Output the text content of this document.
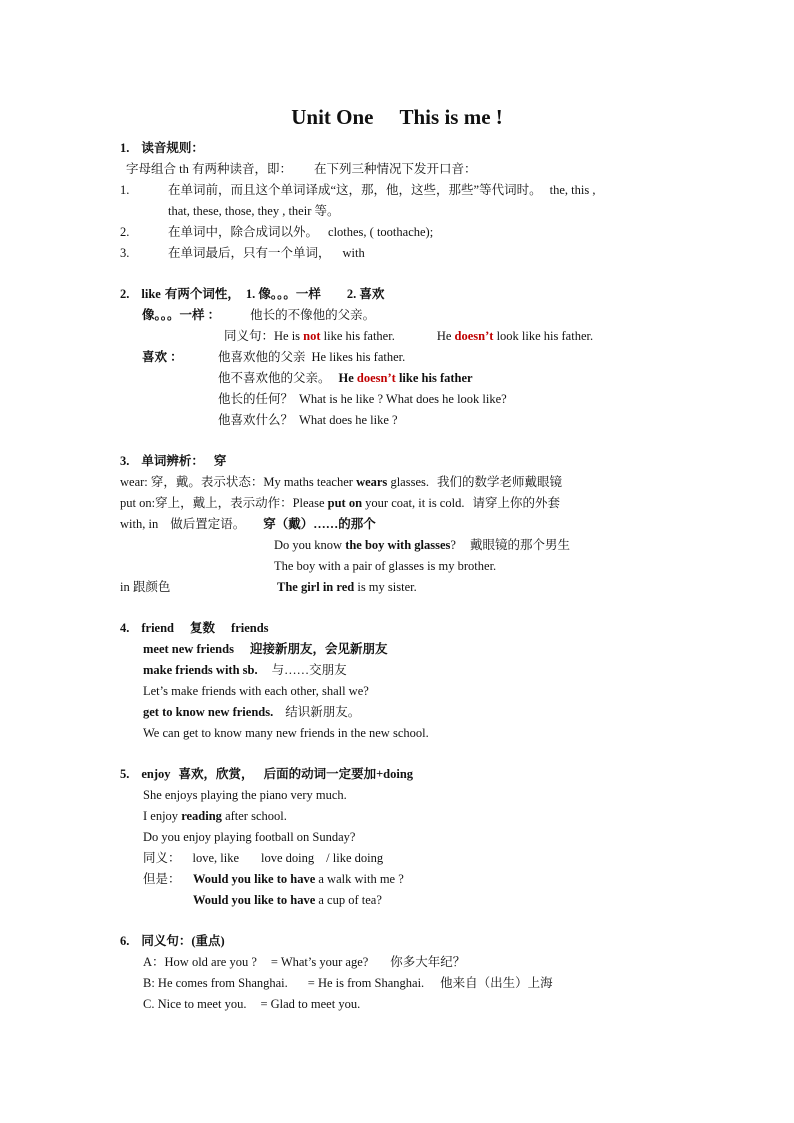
Unit One This is me !
1. 读音规则：
字母组合 th 有两种读音，即： 在下列三种情况下发开口音：
1.	在单词前，而且这个单词译成“这，那，他，这些，那些”等代词时。 the, this ,
that, these, those, they , their 等。
2.	在单词中，除合成词以外。 clothes, ( toothache);
3.	在单词最后，只有一个单词， with
2. like 有两个词性， 1. 像。。。一样 2. 喜欢
像。。。一样 ： 他长的不像他的父亲。
同义句：He is not like his father.	He doesn’t look like his father.
喜欢 ：	他喜欢他的父亲 He likes his father.
他不喜欢他的父亲。 He doesn’t like his father
他长的任何？ What is he like ? What does he look like?
他喜欢什么？ What does he like ?
3. 单词辨析： 穿
wear: 穿，戴。表示状态：My maths teacher wears glasses. 我们的数学老师戴眼镜
put on:穿上，戴上，表示动作：Please put on your coat, it is cold. 请穿上你的外套
with, in 做后置定语。 穿（戴）……的那个
Do you know the boy with glasses? 戴眼镜的那个男生
The boy with a pair of glasses is my brother.
in 跟颜色	The girl in red is my sister.
4. friend 复数 friends
meet new friends 迎接新朋友，会见新朋友
make friends with sb. 与……交朋友
Let’s make friends with each other, shall we?
get to know new friends. 结识新朋友。
We can get to know many new friends in the new school.
5. enjoy 喜欢，欣赏， 后面的动词一定要加+doing
She enjoys playing the piano very much.
I enjoy reading after school.
Do you enjoy playing football on Sunday?
同义： love, like love doing / like doing
但是： Would you like to have a walk with me ?
Would you like to have a cup of tea?
6. 同义句：(重点)
A：How old are you ? = What’s your age? 你多大年纪？
B: He comes from Shanghai. = He is from Shanghai. 他来自（出生）上海
C. Nice to meet you. = Glad to meet you.
